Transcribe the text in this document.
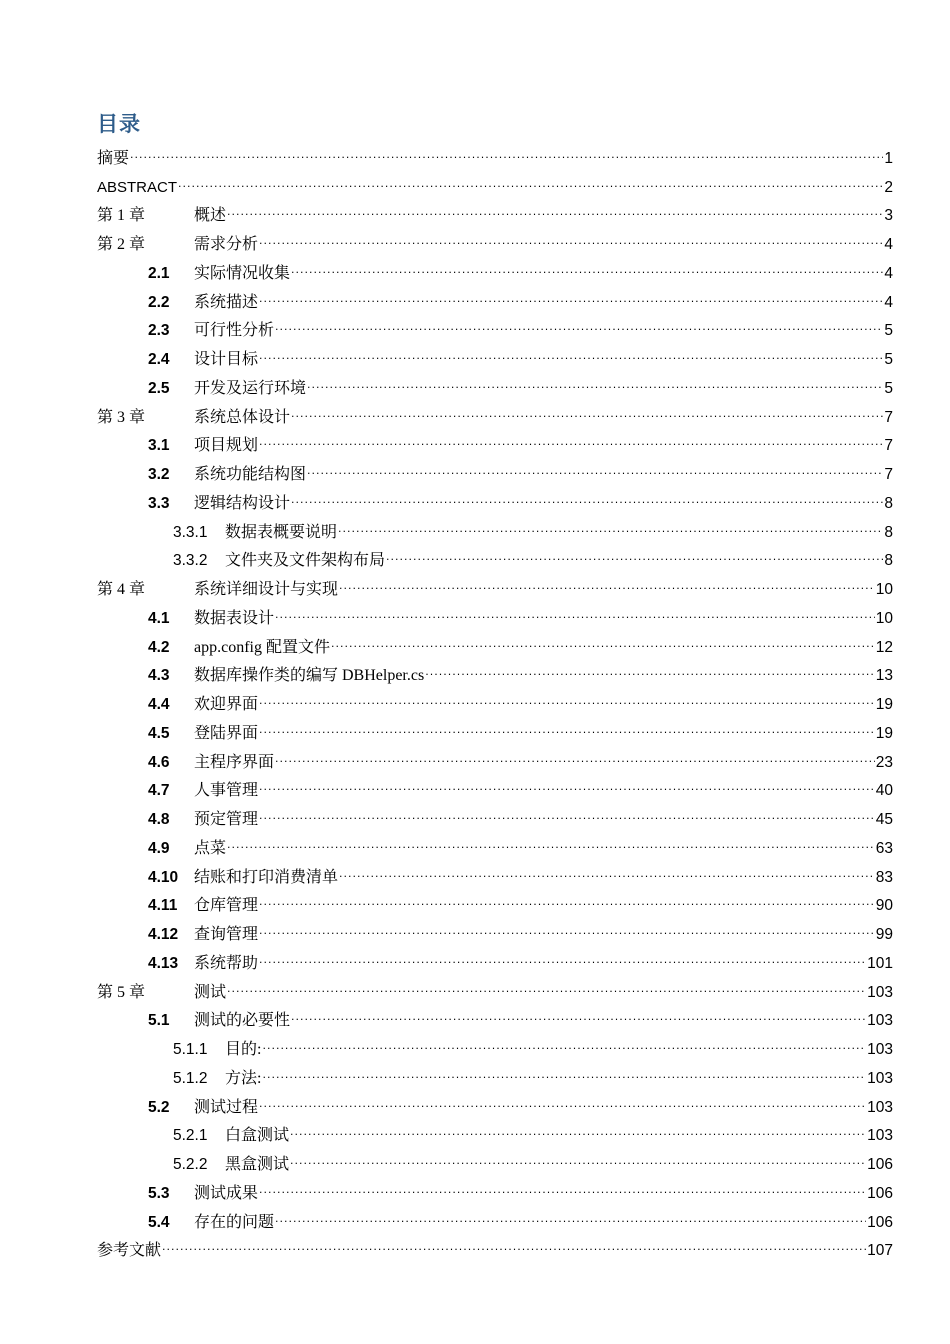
目录
摘要 .....	1
ABSTRACT .....	2
第 1 章	概述 .....	3
第 2 章	需求分析 .....	4
2.1	实际情况收集 .....	4
2.2	系统描述 .....	4
2.3	可行性分析 .....	5
2.4	设计目标 .....	5
2.5	开发及运行环境 .....	5
第 3 章	系统总体设计 .....	7
3.1	项目规划 .....	7
3.2	系统功能结构图 .....	7
3.3	逻辑结构设计 .....	8
3.3.1	数据表概要说明 .....	8
3.3.2	文件夹及文件架构布局 .....	8
第 4 章	系统详细设计与实现 .....	10
4.1	数据表设计 .....	10
4.2	app.config 配置文件 .....	12
4.3	数据库操作类的编写 DBHelper.cs .....	13
4.4	欢迎界面 .....	19
4.5	登陆界面 .....	19
4.6	主程序界面 .....	23
4.7	人事管理 .....	40
4.8	预定管理 .....	45
4.9	点菜 .....	63
4.10 结账和打印消费清单 .....	83
4.11	仓库管理 .....	90
4.12 查询管理 .....	99
4.13 系统帮助 .....	101
第 5 章	测试 .....	103
5.1	测试的必要性 .....	103
5.1.1	目的: .....	103
5.1.2	方法: .....	103
5.2	测试过程 .....	103
5.2.1	白盒测试 .....	103
5.2.2	黑盒测试 .....	106
5.3	测试成果 .....	106
5.4	存在的问题 .....	106
参考文献 .....	107
